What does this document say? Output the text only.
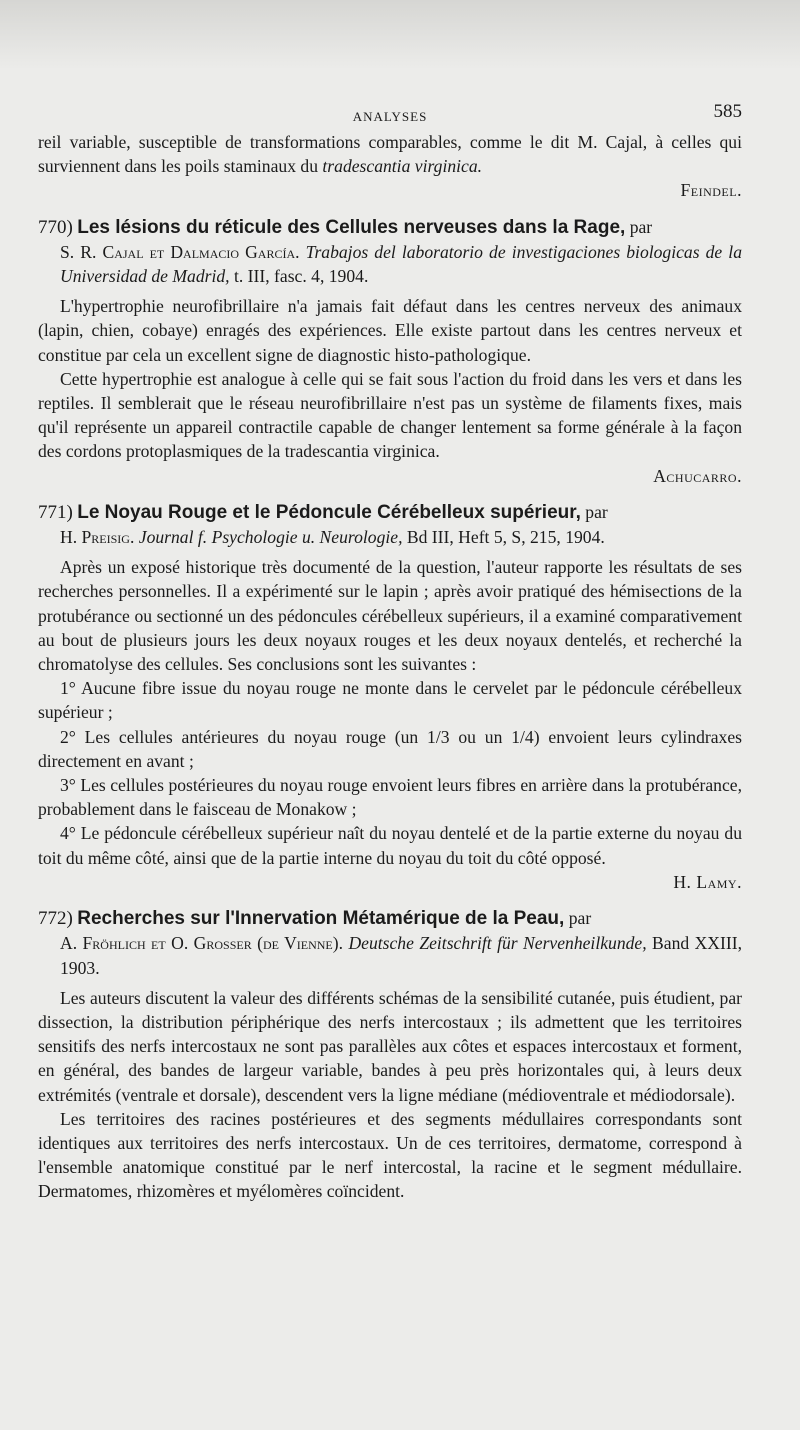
ANALYSES	585

reil variable, susceptible de transformations comparables, comme le dit M. Cajal, à celles qui surviennent dans les poils staminaux du tradescantia virginica.

Feindel.

770) Les lésions du réticule des Cellules nerveuses dans la Rage, par

S. R. Cajal et Dalmacio García. Trabajos del laboratorio de investigaciones biologicas de la Universidad de Madrid, t. III, fasc. 4, 1904.

L'hypertrophie neurofibrillaire n'a jamais fait défaut dans les centres nerveux des animaux (lapin, chien, cobaye) enragés des expériences. Elle existe partout dans les centres nerveux et constitue par cela un excellent signe de diagnostic histo-pathologique.

Cette hypertrophie est analogue à celle qui se fait sous l'action du froid dans les vers et dans les reptiles. Il semblerait que le réseau neurofibrillaire n'est pas un système de filaments fixes, mais qu'il représente un appareil contractile capable de changer lentement sa forme générale à la façon des cordons protoplasmiques de la tradescantia virginica.

Achucarro.

771) Le Noyau Rouge et le Pédoncule Cérébelleux supérieur, par

H. Preisig. Journal f. Psychologie u. Neurologie, Bd III, Heft 5, S, 215, 1904.

Après un exposé historique très documenté de la question, l'auteur rapporte les résultats de ses recherches personnelles. Il a expérimenté sur le lapin ; après avoir pratiqué des hémisections de la protubérance ou sectionné un des pédoncules cérébelleux supérieurs, il a examiné comparativement au bout de plusieurs jours les deux noyaux rouges et les deux noyaux dentelés, et recherché la chromatolyse des cellules. Ses conclusions sont les suivantes :

1° Aucune fibre issue du noyau rouge ne monte dans le cervelet par le pédoncule cérébelleux supérieur ;

2° Les cellules antérieures du noyau rouge (un 1/3 ou un 1/4) envoient leurs cylindraxes directement en avant ;

3° Les cellules postérieures du noyau rouge envoient leurs fibres en arrière dans la protubérance, probablement dans le faisceau de Monakow ;

4° Le pédoncule cérébelleux supérieur naît du noyau dentelé et de la partie externe du noyau du toit du même côté, ainsi que de la partie interne du noyau du toit du côté opposé.

H. Lamy.

772) Recherches sur l'Innervation Métamérique de la Peau, par

A. Fröhlich et O. Grosser (de Vienne). Deutsche Zeitschrift für Nervenheilkunde, Band XXIII, 1903.

Les auteurs discutent la valeur des différents schémas de la sensibilité cutanée, puis étudient, par dissection, la distribution périphérique des nerfs intercostaux ; ils admettent que les territoires sensitifs des nerfs intercostaux ne sont pas parallèles aux côtes et espaces intercostaux et forment, en général, des bandes de largeur variable, bandes à peu près horizontales qui, à leurs deux extrémités (ventrale et dorsale), descendent vers la ligne médiane (médioventrale et médiodorsale).

Les territoires des racines postérieures et des segments médullaires correspondants sont identiques aux territoires des nerfs intercostaux. Un de ces territoires, dermatome, correspond à l'ensemble anatomique constitué par le nerf intercostal, la racine et le segment médullaire. Dermatomes, rhizomères et myélomères coïncident.
